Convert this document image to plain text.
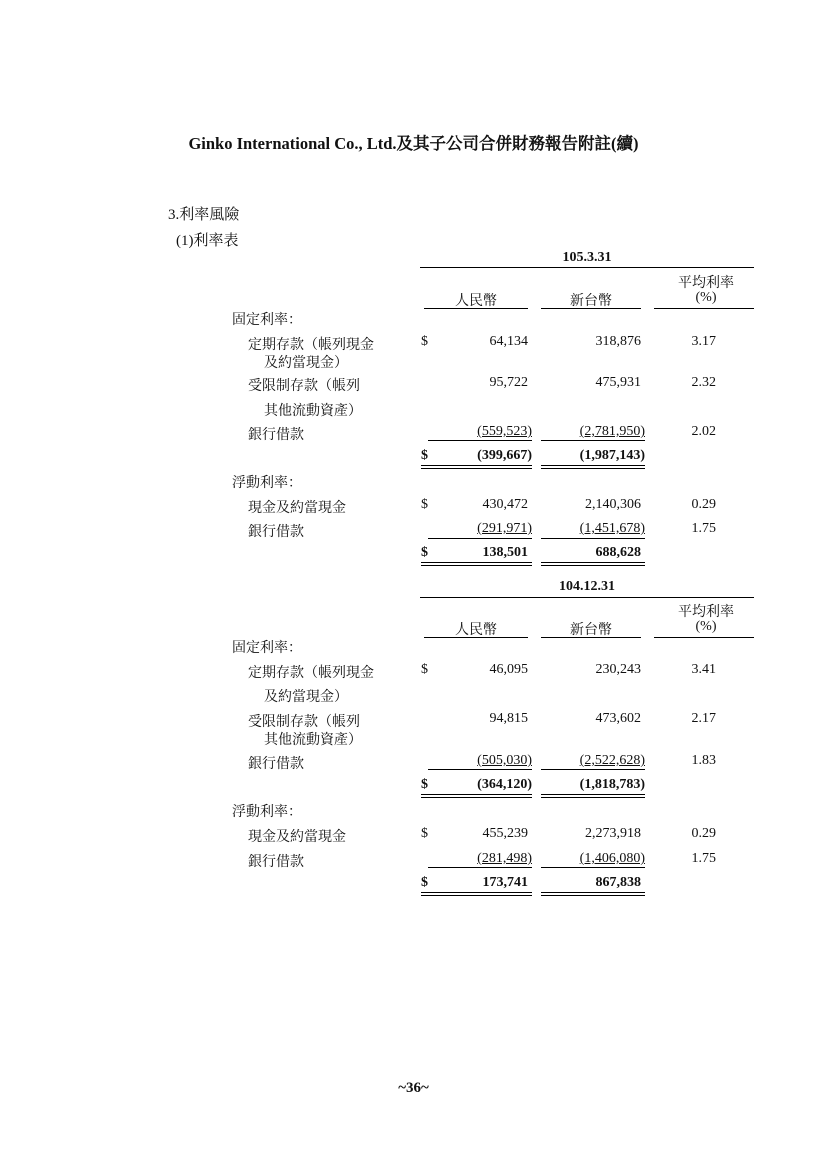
Ginko International Co., Ltd.及其子公司合併財務報告附註(續)
3.利率風險
(1)利率表
105.3.31
平均利率
人民幣	新台幣	(%)
固定利率：
定期存款（帳列現金
及約當現金）
$	64,134	318,876	3.17
受限制存款（帳列
其他流動資產）
95,722	475,931	2.32
銀行借款	(559,523)	(2,781,950)	2.02
$	(399,667)	(1,987,143)
浮動利率：
現金及約當現金	$	430,472	2,140,306	0.29
銀行借款	(291,971)	(1,451,678)	1.75
$	138,501	688,628
104.12.31
平均利率
人民幣	新台幣	(%)
固定利率：
定期存款（帳列現金
及約當現金）
$	46,095	230,243	3.41
受限制存款（帳列
其他流動資產）
94,815	473,602	2.17
銀行借款	(505,030)	(2,522,628)	1.83
$	(364,120)	(1,818,783)
浮動利率：
現金及約當現金	$	455,239	2,273,918	0.29
銀行借款	(281,498)	(1,406,080)	1.75
$	173,741	867,838
~36~
